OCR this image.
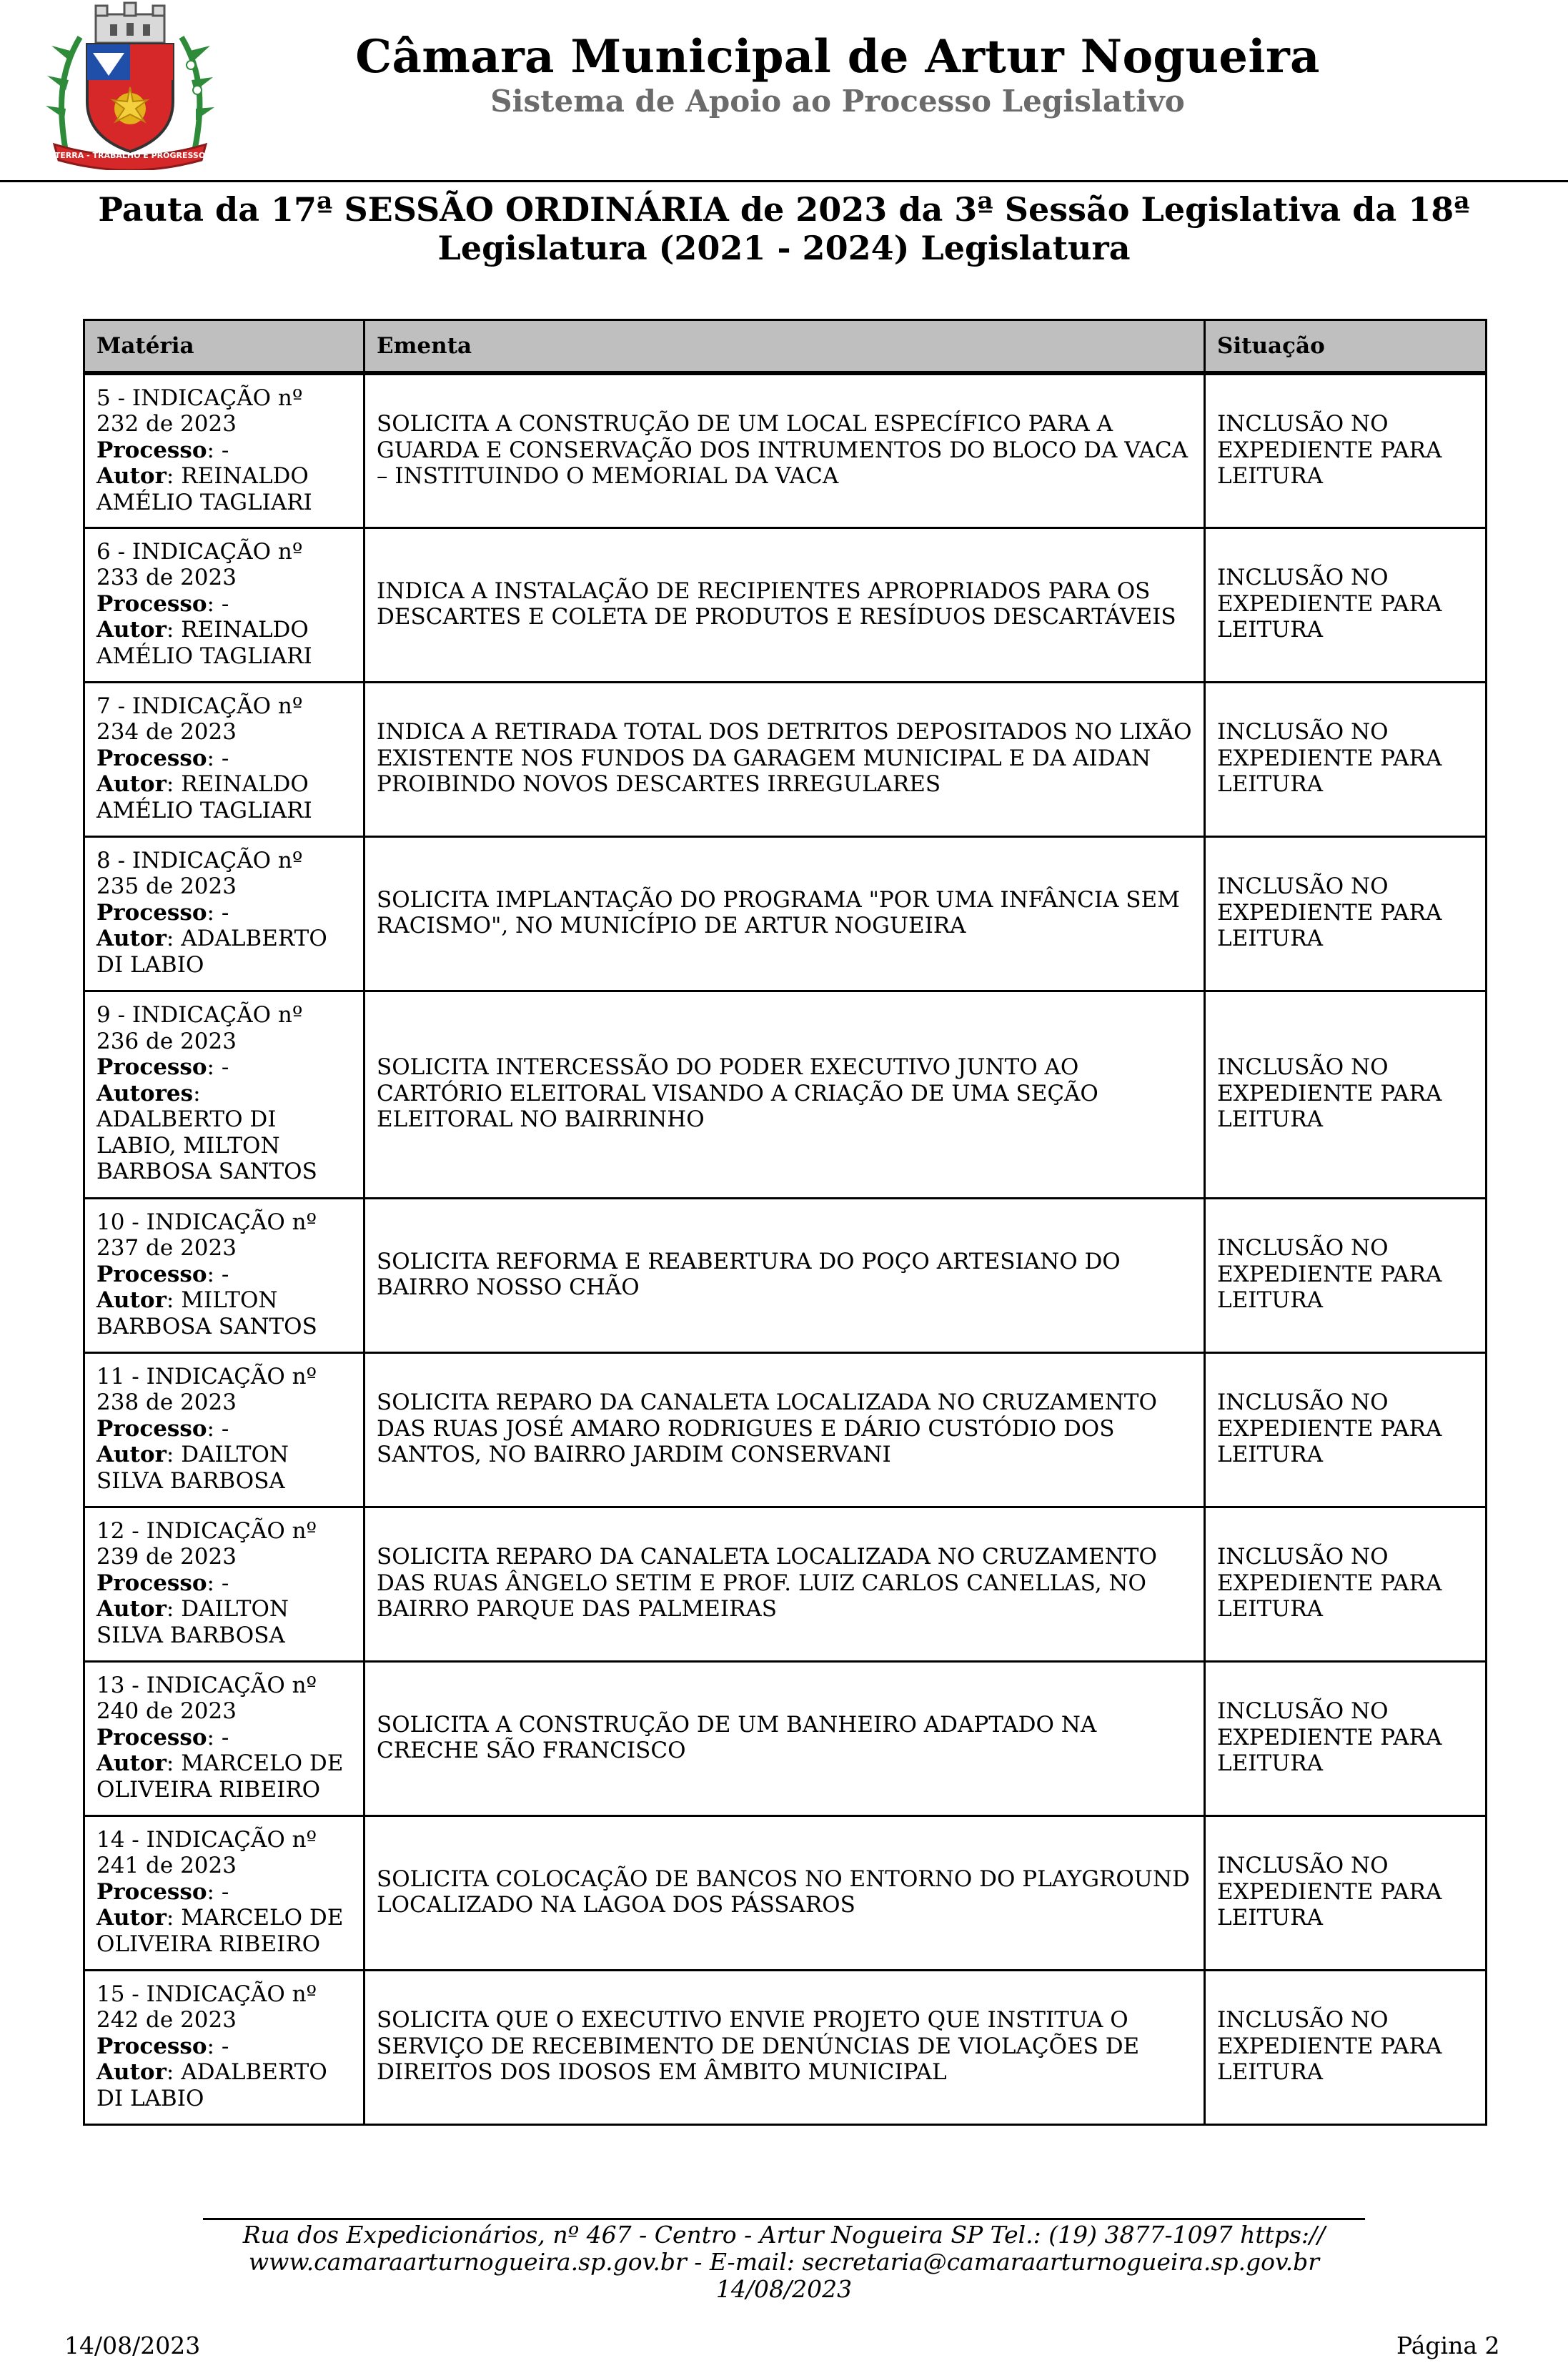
TERRA - TRABALHO E PROGRESSO
Câmara Municipal de Artur Nogueira
Sistema de Apoio ao Processo Legislativo
Pauta da 17ª SESSÃO ORDINÁRIA de 2023 da 3ª Sessão Legislativa da 18ª Legislatura (2021 - 2024) Legislatura
Matéria	Ementa	Situação

5 - INDICAÇÃO nº
232 de 2023
Processo: -
Autor: REINALDO AMÉLIO TAGLIARI	SOLICITA A CONSTRUÇÃO DE UM LOCAL ESPECÍFICO PARA A GUARDA E CONSERVAÇÃO DOS INTRUMENTOS DO BLOCO DA VACA – INSTITUINDO O MEMORIAL DA VACA	INCLUSÃO NO EXPEDIENTE PARA LEITURA

6 - INDICAÇÃO nº
233 de 2023
Processo: -
Autor: REINALDO AMÉLIO TAGLIARI	INDICA A INSTALAÇÃO DE RECIPIENTES APROPRIADOS PARA OS DESCARTES E COLETA DE PRODUTOS E RESÍDUOS DESCARTÁVEIS	INCLUSÃO NO EXPEDIENTE PARA LEITURA

7 - INDICAÇÃO nº
234 de 2023
Processo: -
Autor: REINALDO AMÉLIO TAGLIARI	INDICA A RETIRADA TOTAL DOS DETRITOS DEPOSITADOS NO LIXÃO EXISTENTE NOS FUNDOS DA GARAGEM MUNICIPAL E DA AIDAN PROIBINDO NOVOS DESCARTES IRREGULARES	INCLUSÃO NO EXPEDIENTE PARA LEITURA

8 - INDICAÇÃO nº
235 de 2023
Processo: -
Autor: ADALBERTO DI LABIO	SOLICITA IMPLANTAÇÃO DO PROGRAMA "POR UMA INFÂNCIA SEM RACISMO", NO MUNICÍPIO DE ARTUR NOGUEIRA	INCLUSÃO NO EXPEDIENTE PARA LEITURA

9 - INDICAÇÃO nº
236 de 2023
Processo: -
Autores: ADALBERTO DI LABIO, MILTON BARBOSA SANTOS	SOLICITA INTERCESSÃO DO PODER EXECUTIVO JUNTO AO CARTÓRIO ELEITORAL VISANDO A CRIAÇÃO DE UMA SEÇÃO ELEITORAL NO BAIRRINHO	INCLUSÃO NO EXPEDIENTE PARA LEITURA

10 - INDICAÇÃO nº
237 de 2023
Processo: -
Autor: MILTON BARBOSA SANTOS	SOLICITA REFORMA E REABERTURA DO POÇO ARTESIANO DO BAIRRO NOSSO CHÃO	INCLUSÃO NO EXPEDIENTE PARA LEITURA

11 - INDICAÇÃO nº
238 de 2023
Processo: -
Autor: DAILTON SILVA BARBOSA	SOLICITA REPARO DA CANALETA LOCALIZADA NO CRUZAMENTO DAS RUAS JOSÉ AMARO RODRIGUES E DÁRIO CUSTÓDIO DOS SANTOS, NO BAIRRO JARDIM CONSERVANI	INCLUSÃO NO EXPEDIENTE PARA LEITURA

12 - INDICAÇÃO nº
239 de 2023
Processo: -
Autor: DAILTON SILVA BARBOSA	SOLICITA REPARO DA CANALETA LOCALIZADA NO CRUZAMENTO DAS RUAS ÂNGELO SETIM E PROF. LUIZ CARLOS CANELLAS, NO BAIRRO PARQUE DAS PALMEIRAS	INCLUSÃO NO EXPEDIENTE PARA LEITURA

13 - INDICAÇÃO nº
240 de 2023
Processo: -
Autor: MARCELO DE OLIVEIRA RIBEIRO	SOLICITA A CONSTRUÇÃO DE UM BANHEIRO ADAPTADO NA CRECHE SÃO FRANCISCO	INCLUSÃO NO EXPEDIENTE PARA LEITURA

14 - INDICAÇÃO nº
241 de 2023
Processo: -
Autor: MARCELO DE OLIVEIRA RIBEIRO	SOLICITA COLOCAÇÃO DE BANCOS NO ENTORNO DO PLAYGROUND LOCALIZADO NA LAGOA DOS PÁSSAROS	INCLUSÃO NO EXPEDIENTE PARA LEITURA

15 - INDICAÇÃO nº
242 de 2023
Processo: -
Autor: ADALBERTO DI LABIO	SOLICITA QUE O EXECUTIVO ENVIE PROJETO QUE INSTITUA O SERVIÇO DE RECEBIMENTO DE DENÚNCIAS DE VIOLAÇÕES DE DIREITOS DOS IDOSOS EM ÂMBITO MUNICIPAL	INCLUSÃO NO EXPEDIENTE PARA LEITURA
Rua dos Expedicionários, nº 467 - Centro - Artur Nogueira SP Tel.: (19) 3877-1097 https:// www.camaraarturnogueira.sp.gov.br - E-mail: secretaria@camaraarturnogueira.sp.gov.br 14/08/2023
14/08/2023	Página 2
